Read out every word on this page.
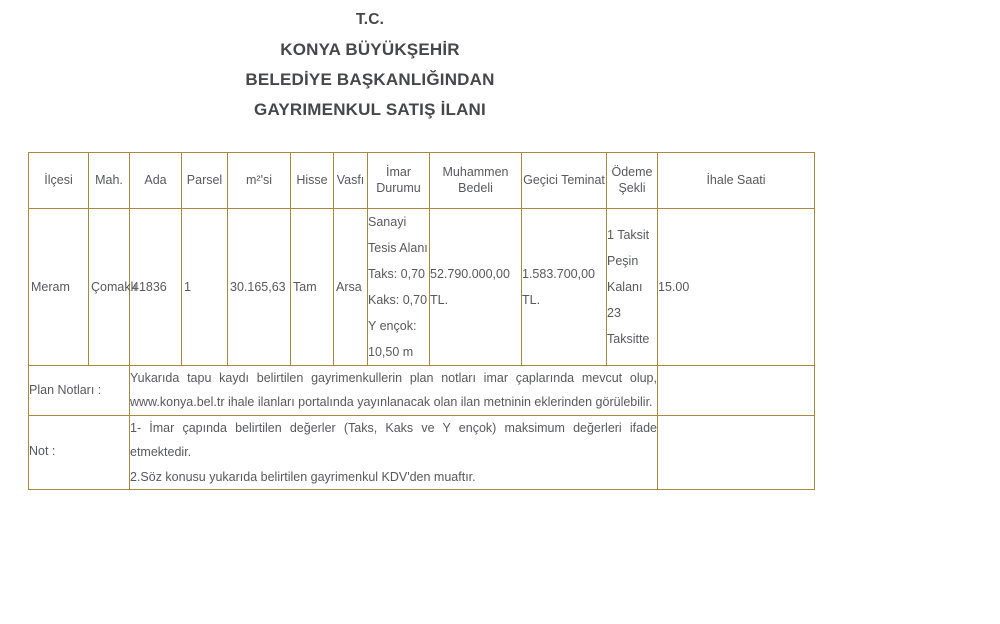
T.C.
KONYA BÜYÜKŞEHİR
BELEDİYE BAŞKANLIĞINDAN
GAYRIMENKUL SATIŞ İLANI
İlçesi	Mah.	Ada	Parsel	m²'si	Hisse	Vasfı	İmar Durumu	Muhammen Bedeli	Geçici Teminat	Ödeme Şekli	İhale Saati
Meram	Çomaklı	41836	1	30.165,63	Tam	Arsa	Sanayi Tesis Alanı Taks: 0,70 Kaks: 0,70 Y ençok: 10,50 m	52.790.000,00 TL.	1.583.700,00 TL.	1 Taksit Peşin Kalanı 23 Taksitte	15.00
Plan Notları :		Yukarıda tapu kaydı belirtilen gayrimenkullerin plan notları imar çaplarında mevcut olup, www.konya.bel.tr ihale ilanları portalında yayınlanacak olan ilan metninin eklerinden görülebilir.									

Not :		1- İmar çapında belirtilen değerler (Taks, Kaks ve Y ençok) maksimum değerleri ifade etmektedir.

2.Söz konusu yukarıda belirtilen gayrimenkul KDV'den muaftır.									
